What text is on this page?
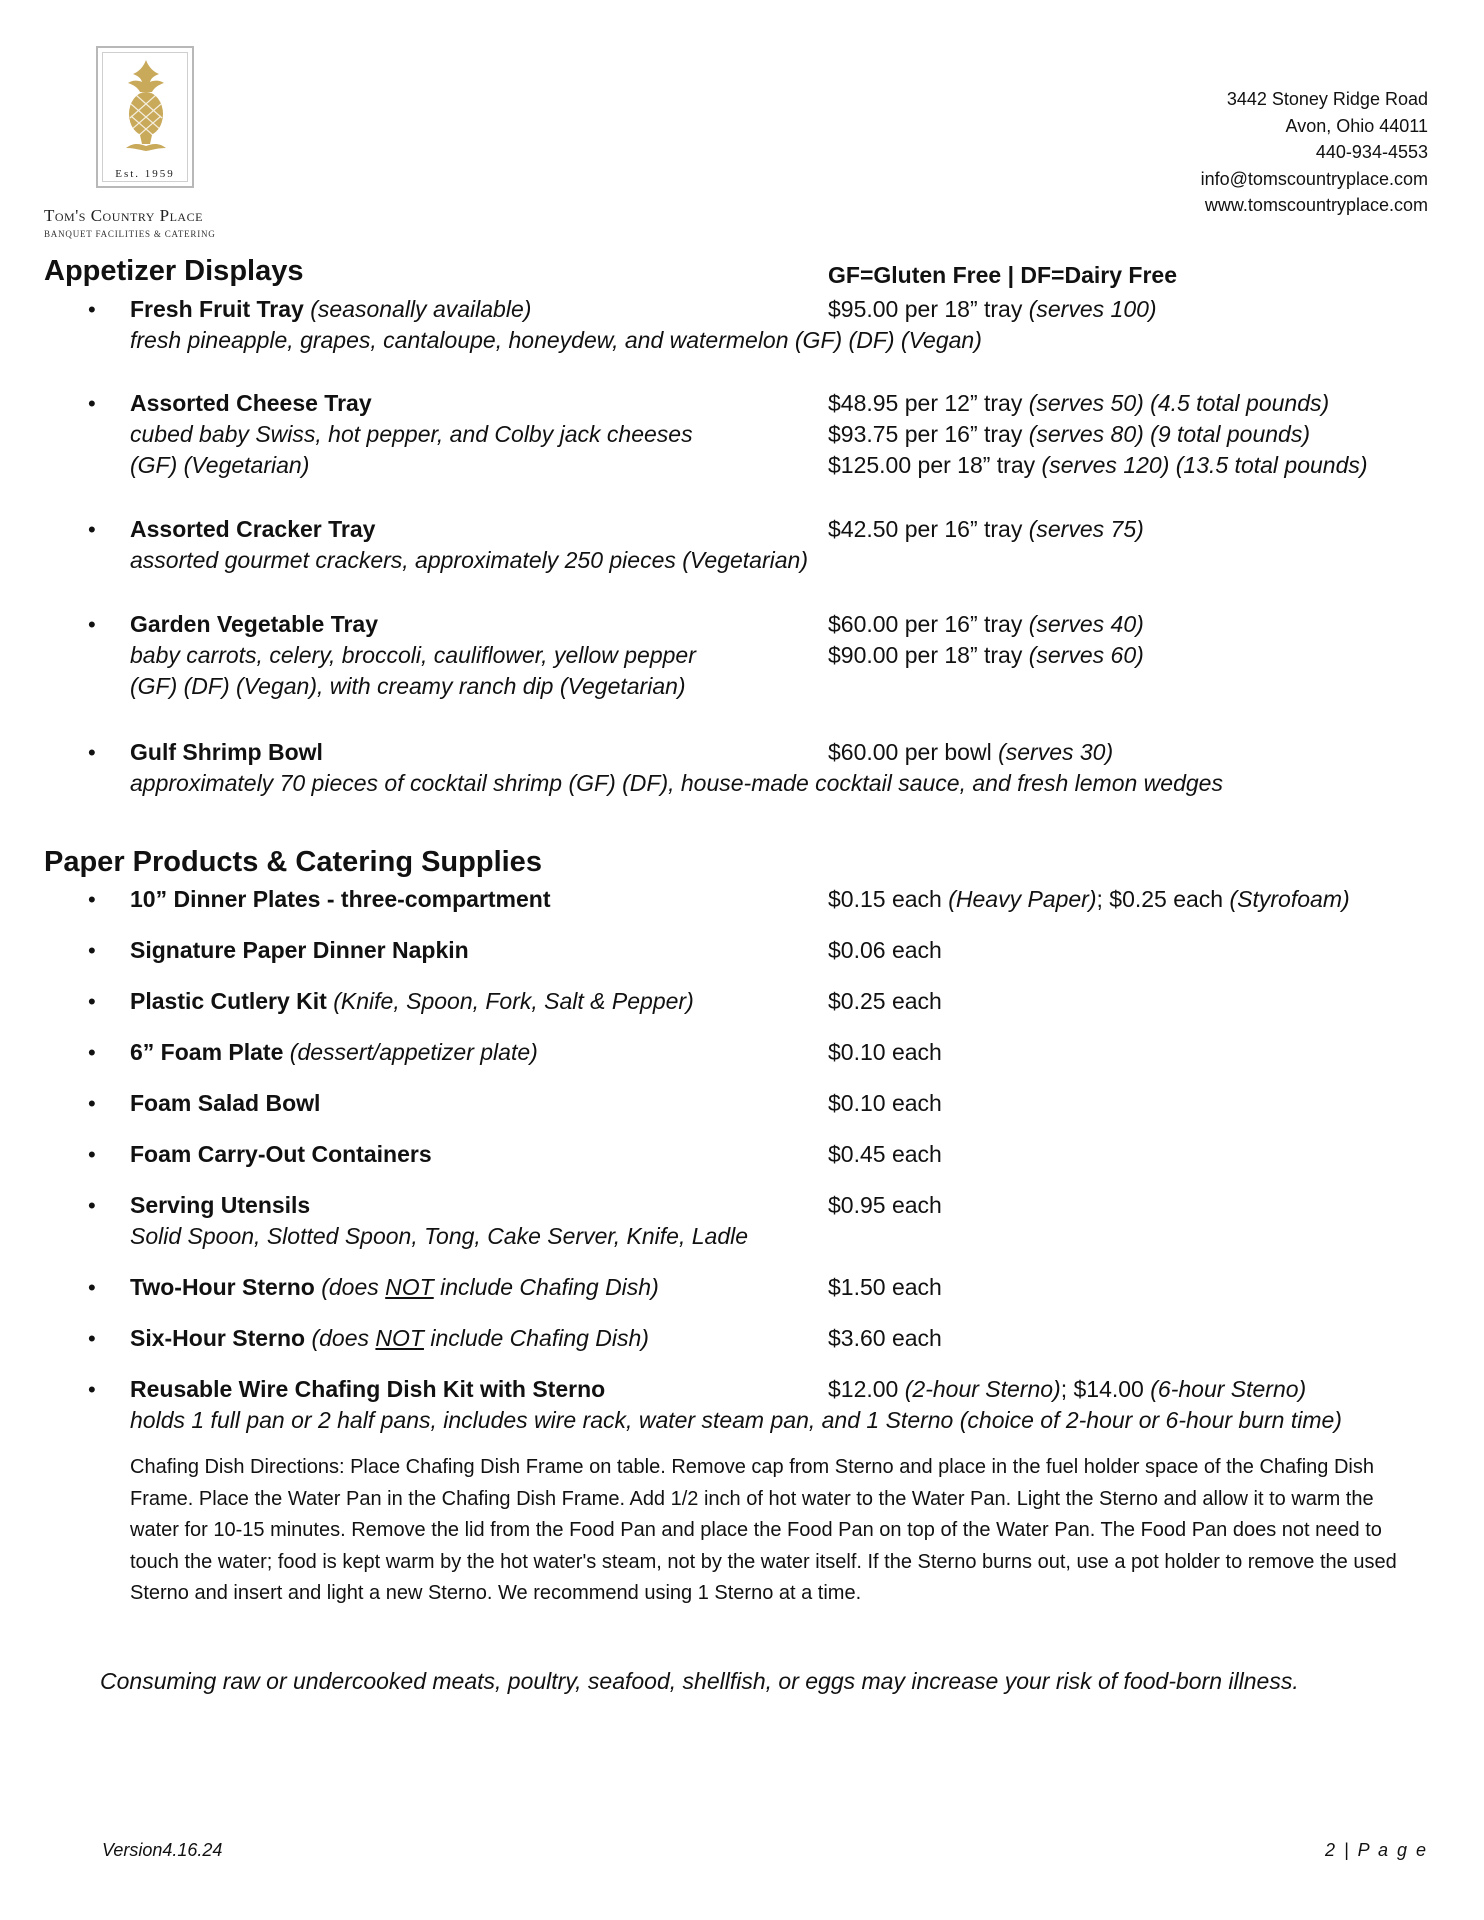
Est. 1959
Tom's Country Place
BANQUET FACILITIES & CATERING
3442 Stoney Ridge Road
Avon, Ohio 44011
440-934-4553
info@tomscountryplace.com
www.tomscountryplace.com
Appetizer Displays	GF=Gluten Free | DF=Dairy Free
• Fresh Fruit Tray (seasonally available)
fresh pineapple, grapes, cantaloupe, honeydew, and watermelon (GF) (DF) (Vegan)
$95.00 per 18” tray (serves 100)
• Assorted Cheese Tray
cubed baby Swiss, hot pepper, and Colby jack cheeses
(GF) (Vegetarian)
$48.95 per 12” tray (serves 50) (4.5 total pounds)
$93.75 per 16” tray (serves 80) (9 total pounds)
$125.00 per 18” tray (serves 120) (13.5 total pounds)
• Assorted Cracker Tray
assorted gourmet crackers, approximately 250 pieces (Vegetarian)
$42.50 per 16” tray (serves 75)
• Garden Vegetable Tray
baby carrots, celery, broccoli, cauliflower, yellow pepper
(GF) (DF) (Vegan), with creamy ranch dip (Vegetarian)
$60.00 per 16” tray (serves 40)
$90.00 per 18” tray (serves 60)
• Gulf Shrimp Bowl
approximately 70 pieces of cocktail shrimp (GF) (DF), house-made cocktail sauce, and fresh lemon wedges
$60.00 per bowl (serves 30)
Paper Products & Catering Supplies
• 10” Dinner Plates - three-compartment	$0.15 each (Heavy Paper); $0.25 each (Styrofoam)
• Signature Paper Dinner Napkin	$0.06 each
• Plastic Cutlery Kit (Knife, Spoon, Fork, Salt & Pepper)	$0.25 each
• 6” Foam Plate (dessert/appetizer plate)	$0.10 each
• Foam Salad Bowl	$0.10 each
• Foam Carry-Out Containers	$0.45 each
• Serving Utensils
Solid Spoon, Slotted Spoon, Tong, Cake Server, Knife, Ladle
$0.95 each
• Two-Hour Sterno (does NOT include Chafing Dish)	$1.50 each
• Six-Hour Sterno (does NOT include Chafing Dish)	$3.60 each
• Reusable Wire Chafing Dish Kit with Sterno
holds 1 full pan or 2 half pans, includes wire rack, water steam pan, and 1 Sterno (choice of 2-hour or 6-hour burn time)
$12.00 (2-hour Sterno); $14.00 (6-hour Sterno)
Chafing Dish Directions: Place Chafing Dish Frame on table. Remove cap from Sterno and place in the fuel holder space of the Chafing Dish Frame. Place the Water Pan in the Chafing Dish Frame. Add 1/2 inch of hot water to the Water Pan. Light the Sterno and allow it to warm the water for 10-15 minutes. Remove the lid from the Food Pan and place the Food Pan on top of the Water Pan. The Food Pan does not need to touch the water; food is kept warm by the hot water's steam, not by the water itself. If the Sterno burns out, use a pot holder to remove the used Sterno and insert and light a new Sterno. We recommend using 1 Sterno at a time.
Consuming raw or undercooked meats, poultry, seafood, shellfish, or eggs may increase your risk of food-born illness.
Version4.16.24	2 | P a g e
